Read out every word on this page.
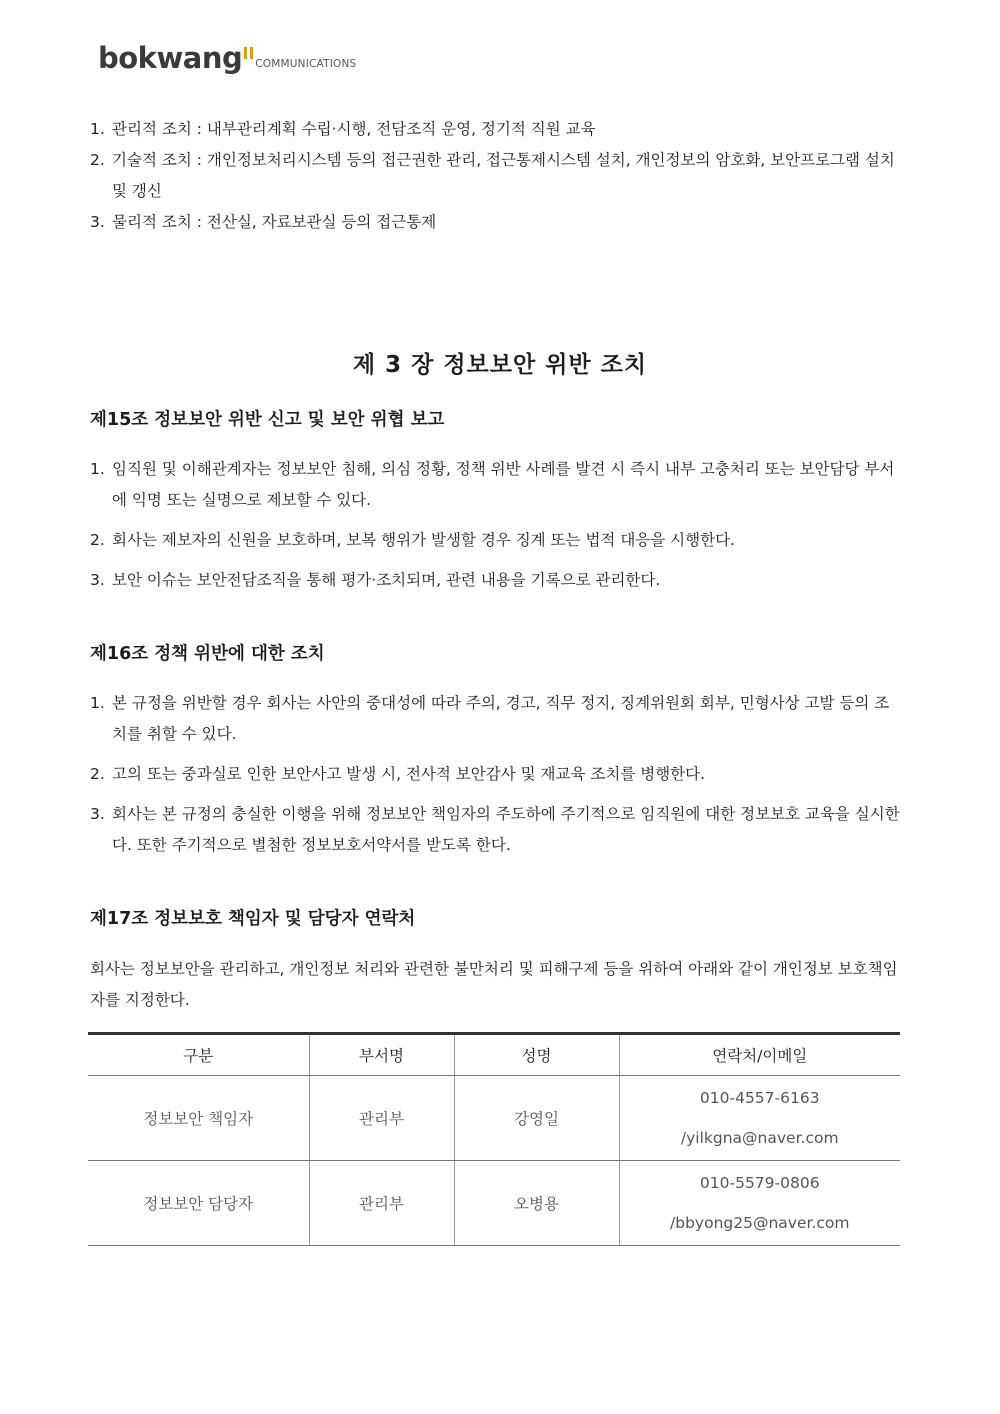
bokwang COMMUNICATIONS
1. 관리적 조치 : 내부관리계획 수립·시행, 전담조직 운영, 정기적 직원 교육
2. 기술적 조치 : 개인정보처리시스템 등의 접근권한 관리, 접근통제시스템 설치, 개인정보의 암호화, 보안프로그램 설치 및 갱신
3. 물리적 조치 : 전산실, 자료보관실 등의 접근통제
제 3 장 정보보안 위반 조치
제15조 정보보안 위반 신고 및 보안 위협 보고
1. 임직원 및 이해관계자는 정보보안 침해, 의심 정황, 정책 위반 사례를 발견 시 즉시 내부 고충처리 또는 보안담당 부서에 익명 또는 실명으로 제보할 수 있다.
2. 회사는 제보자의 신원을 보호하며, 보복 행위가 발생할 경우 징계 또는 법적 대응을 시행한다.
3. 보안 이슈는 보안전담조직을 통해 평가·조치되며, 관련 내용을 기록으로 관리한다.
제16조 정책 위반에 대한 조치
1. 본 규정을 위반할 경우 회사는 사안의 중대성에 따라 주의, 경고, 직무 정지, 징계위원회 회부, 민형사상 고발 등의 조치를 취할 수 있다.
2. 고의 또는 중과실로 인한 보안사고 발생 시, 전사적 보안감사 및 재교육 조치를 병행한다.
3. 회사는 본 규정의 충실한 이행을 위해 정보보안 책임자의 주도하에 주기적으로 임직원에 대한 정보보호 교육을 실시한다. 또한 주기적으로 별첨한 정보보호서약서를 받도록 한다.
제17조 정보보호 책임자 및 담당자 연락처
회사는 정보보안을 관리하고, 개인정보 처리와 관련한 불만처리 및 피해구제 등을 위하여 아래와 같이 개인정보 보호책임자를 지정한다.
구분	부서명	성명	연락처/이메일
정보보안 책임자	관리부	강영일	010-4557-6163
/yilkgna@naver.com

정보보안 담당자	관리부	오병용	010-5579-0806
/bbyong25@naver.com
